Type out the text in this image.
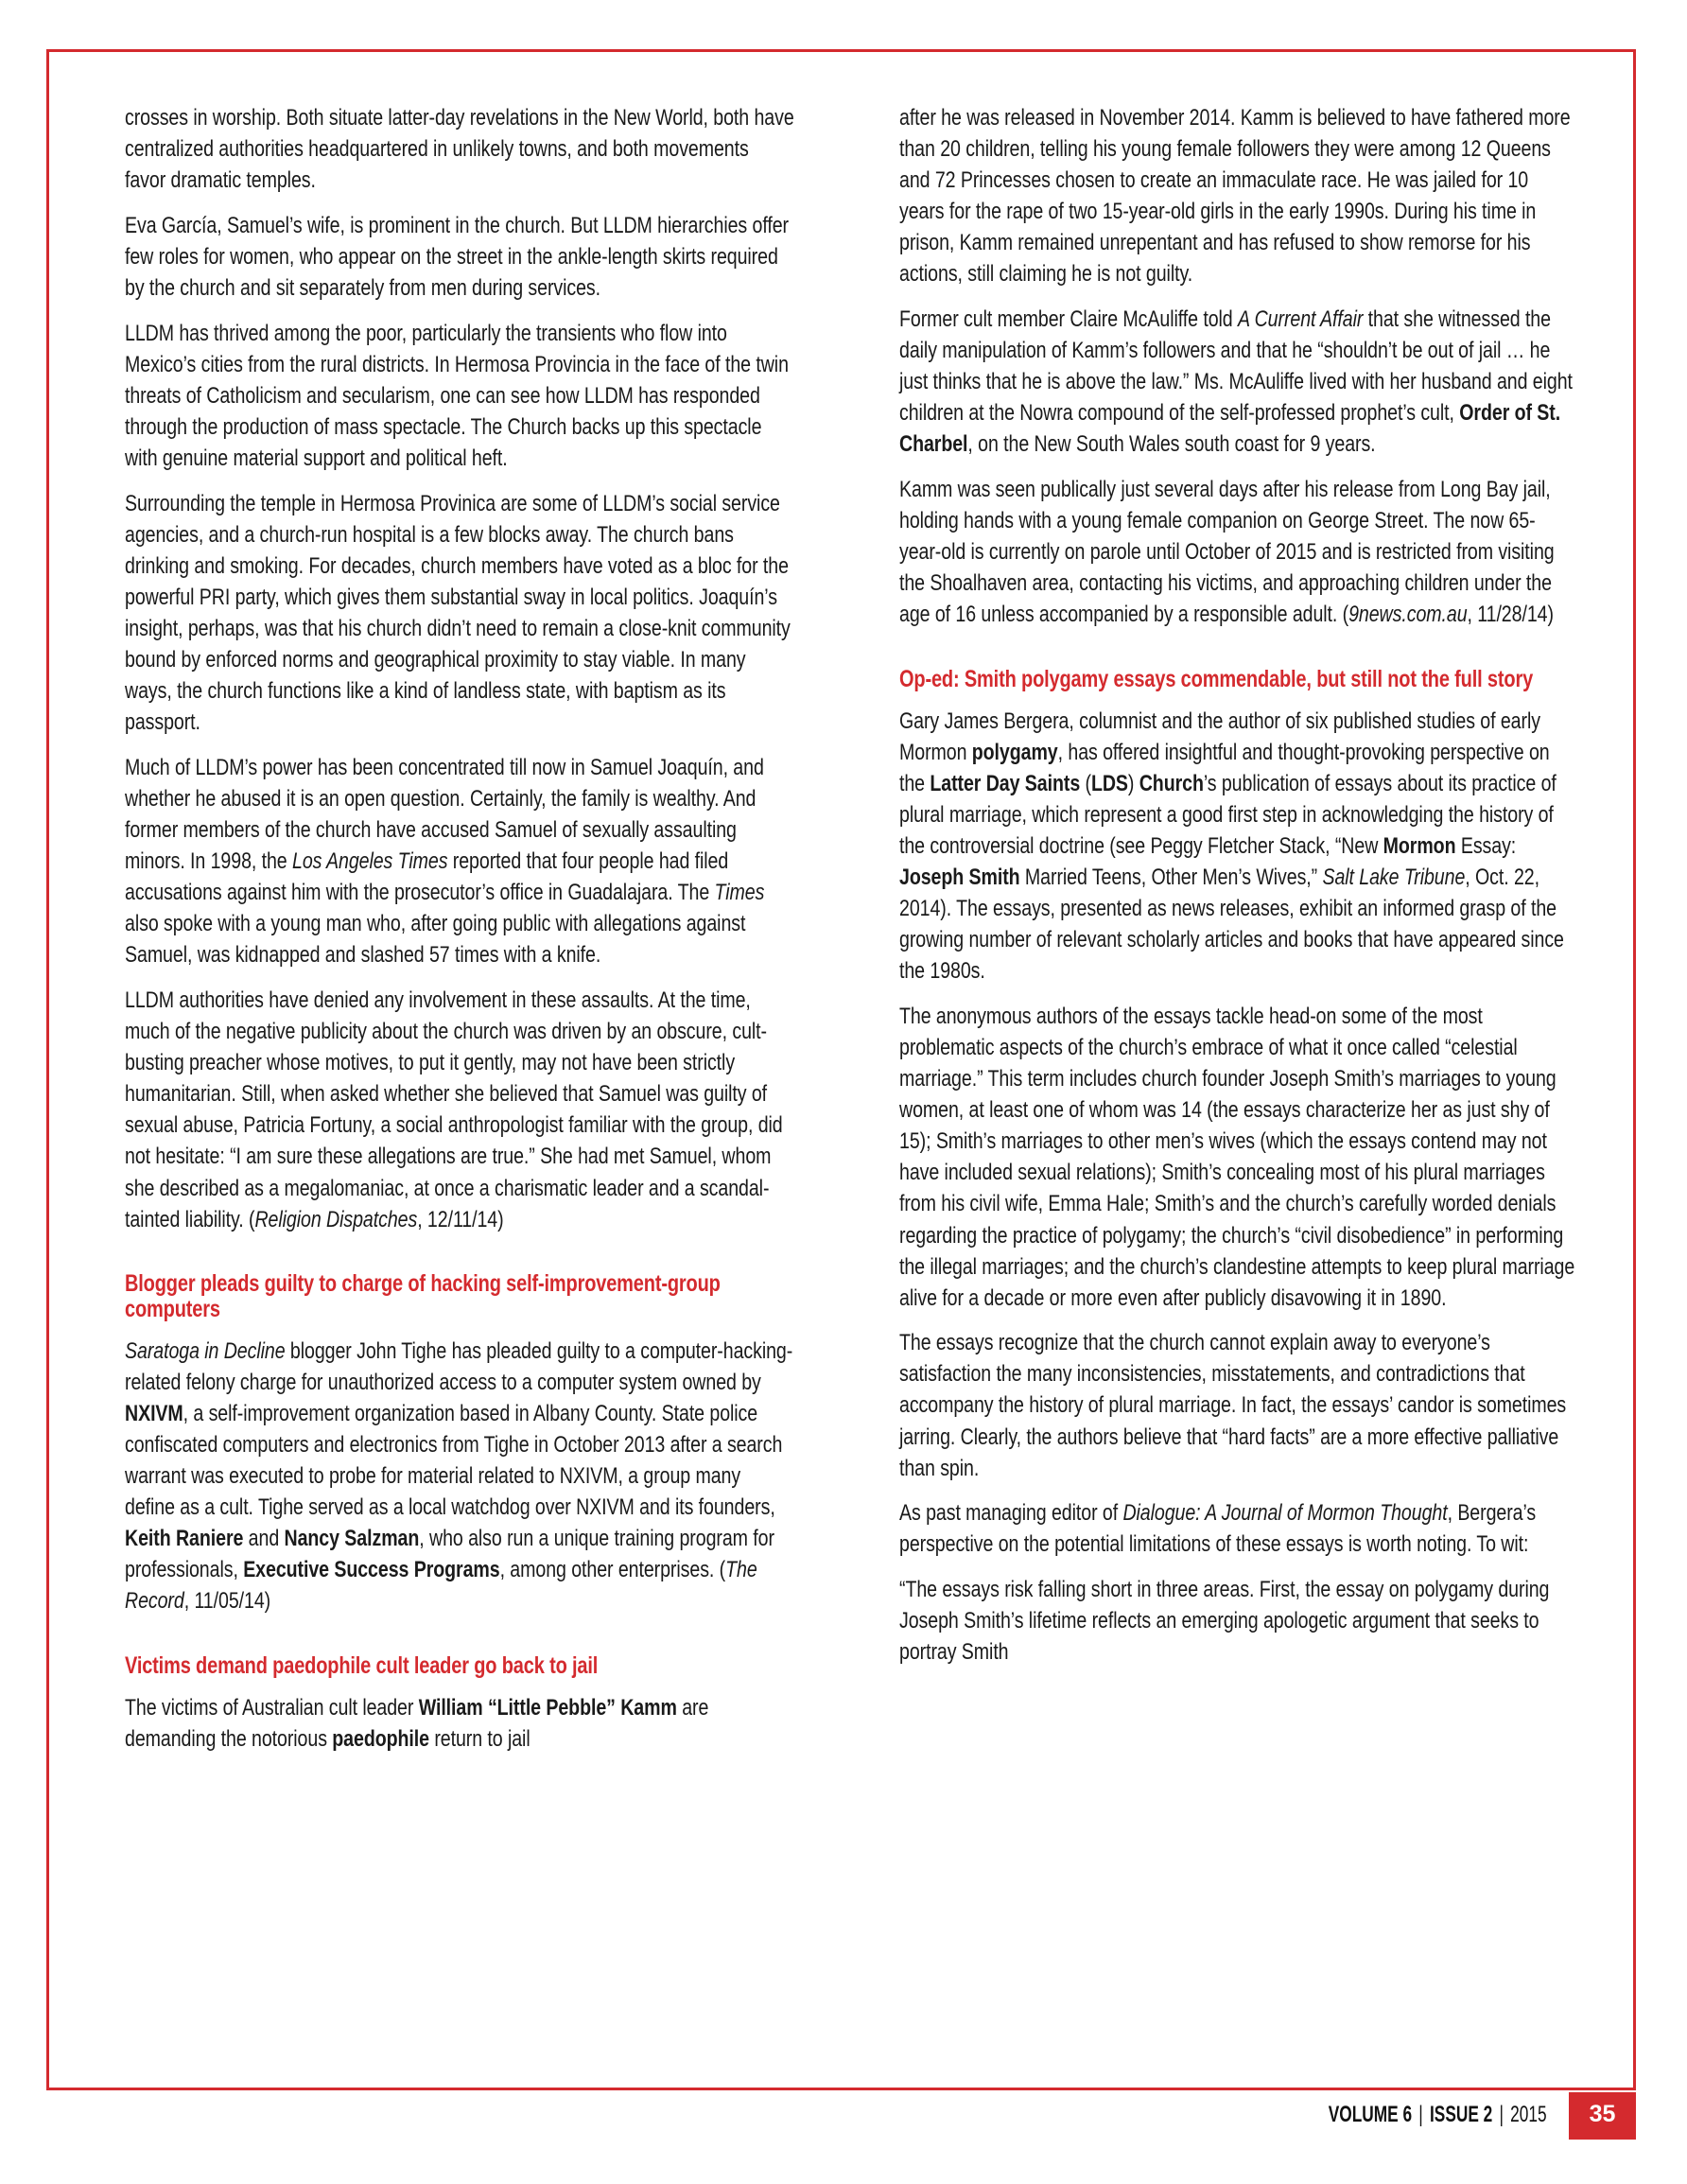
crosses in worship. Both situate latter-day revelations in the New World, both have centralized authorities headquartered in unlikely towns, and both movements favor dramatic temples.

Eva García, Samuel’s wife, is prominent in the church. But LLDM hierarchies offer few roles for women, who appear on the street in the ankle-length skirts required by the church and sit separately from men during services.

LLDM has thrived among the poor, particularly the transients who flow into Mexico’s cities from the rural districts. In Hermosa Provincia in the face of the twin threats of Catholicism and secularism, one can see how LLDM has responded through the production of mass spectacle. The Church backs up this spectacle with genuine material support and political heft.

Surrounding the temple in Hermosa Provinica are some of LLDM’s social service agencies, and a church-run hospital is a few blocks away. The church bans drinking and smoking. For decades, church members have voted as a bloc for the powerful PRI party, which gives them substantial sway in local politics. Joaquín’s insight, perhaps, was that his church didn’t need to remain a close-knit community bound by enforced norms and geographical proximity to stay viable. In many ways, the church functions like a kind of landless state, with baptism as its passport.

Much of LLDM’s power has been concentrated till now in Samuel Joaquín, and whether he abused it is an open question. Certainly, the family is wealthy. And former members of the church have accused Samuel of sexually assaulting minors. In 1998, the Los Angeles Times reported that four people had filed accusations against him with the prosecutor’s office in Guadalajara. The Times also spoke with a young man who, after going public with allegations against Samuel, was kidnapped and slashed 57 times with a knife.

LLDM authorities have denied any involvement in these assaults. At the time, much of the negative publicity about the church was driven by an obscure, cult-busting preacher whose motives, to put it gently, may not have been strictly humanitarian. Still, when asked whether she believed that Samuel was guilty of sexual abuse, Patricia Fortuny, a social anthropologist familiar with the group, did not hesitate: “I am sure these allegations are true.” She had met Samuel, whom she described as a megalomaniac, at once a charismatic leader and a scandal-tainted liability. (Religion Dispatches, 12/11/14)

Blogger pleads guilty to charge of hacking self-improvement-group computers

Saratoga in Decline blogger John Tighe has pleaded guilty to a computer-hacking-related felony charge for unauthorized access to a computer system owned by NXIVM, a self-improvement organization based in Albany County. State police confiscated computers and electronics from Tighe in October 2013 after a search warrant was executed to probe for material related to NXIVM, a group many define as a cult. Tighe served as a local watchdog over NXIVM and its founders, Keith Raniere and Nancy Salzman, who also run a unique training program for professionals, Executive Success Programs, among other enterprises. (The Record, 11/05/14)

Victims demand paedophile cult leader go back to jail

The victims of Australian cult leader William “Little Pebble” Kamm are demanding the notorious paedophile return to jail

after he was released in November 2014. Kamm is believed to have fathered more than 20 children, telling his young female followers they were among 12 Queens and 72 Princesses chosen to create an immaculate race. He was jailed for 10 years for the rape of two 15-year-old girls in the early 1990s. During his time in prison, Kamm remained unrepentant and has refused to show remorse for his actions, still claiming he is not guilty.

Former cult member Claire McAuliffe told A Current Affair that she witnessed the daily manipulation of Kamm’s followers and that he “shouldn’t be out of jail … he just thinks that he is above the law.” Ms. McAuliffe lived with her husband and eight children at the Nowra compound of the self-professed prophet’s cult, Order of St. Charbel, on the New South Wales south coast for 9 years.

Kamm was seen publically just several days after his release from Long Bay jail, holding hands with a young female companion on George Street. The now 65-year-old is currently on parole until October of 2015 and is restricted from visiting the Shoalhaven area, contacting his victims, and approaching children under the age of 16 unless accompanied by a responsible adult. (9news.com.au, 11/28/14)

Op-ed: Smith polygamy essays commendable, but still not the full story

Gary James Bergera, columnist and the author of six published studies of early Mormon polygamy, has offered insightful and thought-provoking perspective on the Latter Day Saints (LDS) Church’s publication of essays about its practice of plural marriage, which represent a good first step in acknowledging the history of the controversial doctrine (see Peggy Fletcher Stack, “New Mormon Essay: Joseph Smith Married Teens, Other Men’s Wives,” Salt Lake Tribune, Oct. 22, 2014). The essays, presented as news releases, exhibit an informed grasp of the growing number of relevant scholarly articles and books that have appeared since the 1980s.

The anonymous authors of the essays tackle head-on some of the most problematic aspects of the church’s embrace of what it once called “celestial marriage.” This term includes church founder Joseph Smith’s marriages to young women, at least one of whom was 14 (the essays characterize her as just shy of 15); Smith’s marriages to other men’s wives (which the essays contend may not have included sexual relations); Smith’s concealing most of his plural marriages from his civil wife, Emma Hale; Smith’s and the church’s carefully worded denials regarding the practice of polygamy; the church’s “civil disobedience” in performing the illegal marriages; and the church’s clandestine attempts to keep plural marriage alive for a decade or more even after publicly disavowing it in 1890.

The essays recognize that the church cannot explain away to everyone’s satisfaction the many inconsistencies, misstatements, and contradictions that accompany the history of plural marriage. In fact, the essays’ candor is sometimes jarring. Clearly, the authors believe that “hard facts” are a more effective palliative than spin.

As past managing editor of Dialogue: A Journal of Mormon Thought, Bergera’s perspective on the potential limitations of these essays is worth noting. To wit:

“The essays risk falling short in three areas. First, the essay on polygamy during Joseph Smith’s lifetime reflects an emerging apologetic argument that seeks to portray Smith

VOLUME 6 | ISSUE 2 | 2015	35
